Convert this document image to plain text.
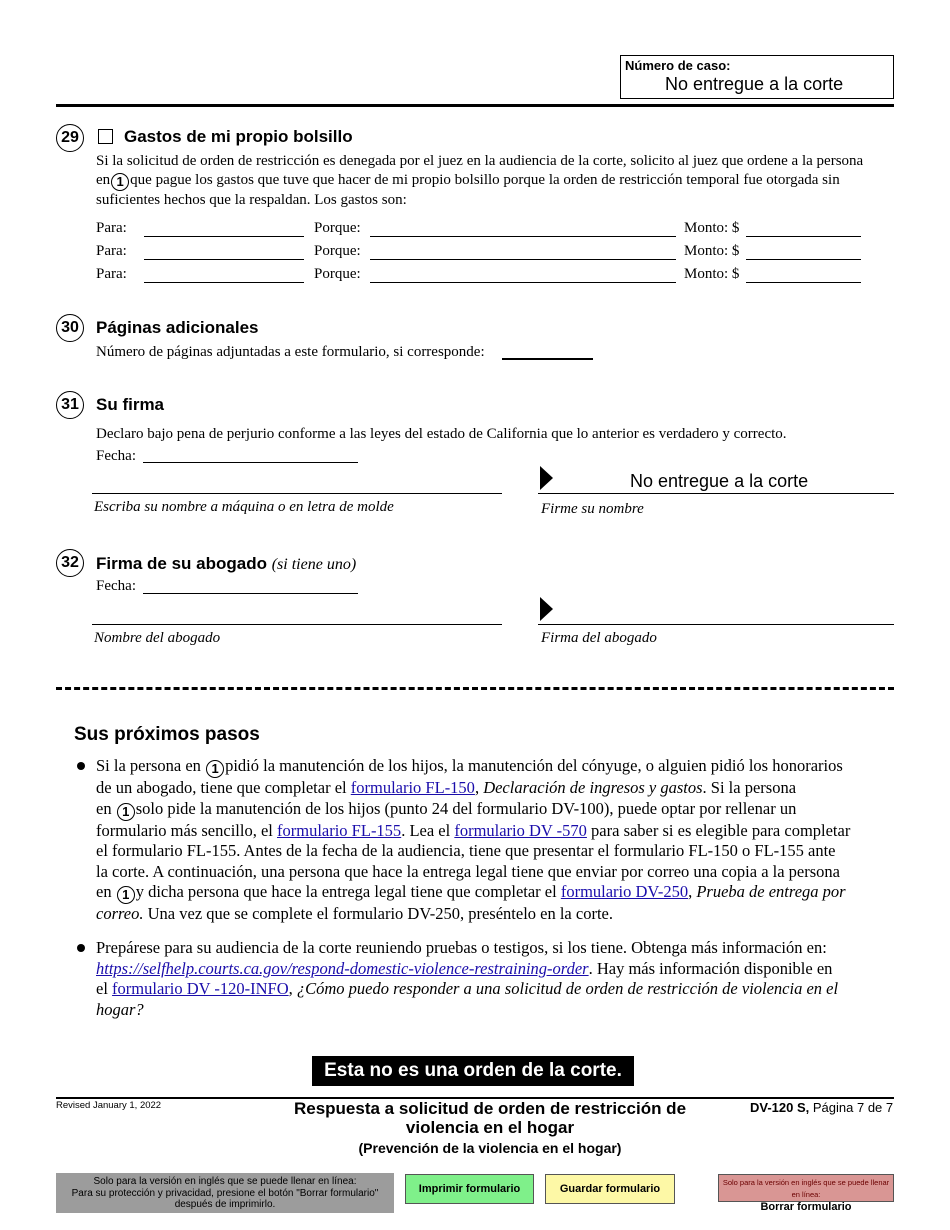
Número de caso:
No entregue a la corte
29	Gastos de mi propio bolsillo
Si la solicitud de orden de restricción es denegada por el juez en la audiencia de la corte, solicito al juez que ordene a la persona
en 1 que pague los gastos que tuve que hacer de mi propio bolsillo porque la orden de restricción temporal fue otorgada sin
suficientes hechos que la respaldan. Los gastos son:
Para:	Porque:	Monto: $
Para:	Porque:	Monto: $
Para:	Porque:	Monto: $
30	Páginas adicionales
Número de páginas adjuntadas a este formulario, si corresponde:
31	Su firma
Declaro bajo pena de perjurio conforme a las leyes del estado de California que lo anterior es verdadero y correcto.
Fecha:
Escriba su nombre a máquina o en letra de molde
No entregue a la corte
Firme su nombre
32	Firma de su abogado (si tiene uno)
Fecha:
Nombre del abogado	Firma del abogado
Sus próximos pasos
Si la persona en 1 pidió la manutención de los hijos, la manutención del cónyuge, o alguien pidió los honorarios
de un abogado, tiene que completar el formulario FL-150, Declaración de ingresos y gastos. Si la persona
en 1 solo pide la manutención de los hijos (punto 24 del formulario DV-100), puede optar por rellenar un
formulario más sencillo, el formulario FL-155. Lea el formulario DV -570 para saber si es elegible para completar
el formulario FL-155. Antes de la fecha de la audiencia, tiene que presentar el formulario FL-150 o FL-155 ante
la corte. A continuación, una persona que hace la entrega legal tiene que enviar por correo una copia a la persona
en 1 y dicha persona que hace la entrega legal tiene que completar el formulario DV-250, Prueba de entrega por
correo. Una vez que se complete el formulario DV-250, preséntelo en la corte.
Prepárese para su audiencia de la corte reuniendo pruebas o testigos, si los tiene. Obtenga más información en:
https://selfhelp.courts.ca.gov/respond-domestic-violence-restraining-order. Hay más información disponible en
el formulario DV -120-INFO, ¿Cómo puedo responder a una solicitud de orden de restricción de violencia en el
hogar?
Esta no es una orden de la corte.
Revised January 1, 2022	Respuesta a solicitud de orden de restricción de
violencia en el hogar
(Prevención de la violencia en el hogar)
DV-120 S, Página 7 de 7
Solo para la versión en inglés que se puede llenar en línea:
Para su protección y privacidad, presione el botón "Borrar formulario"
después de imprimirlo.
Imprimir formulario	Guardar formulario
Solo para la versión en inglés que se puede llenar en línea:
Borrar formulario
